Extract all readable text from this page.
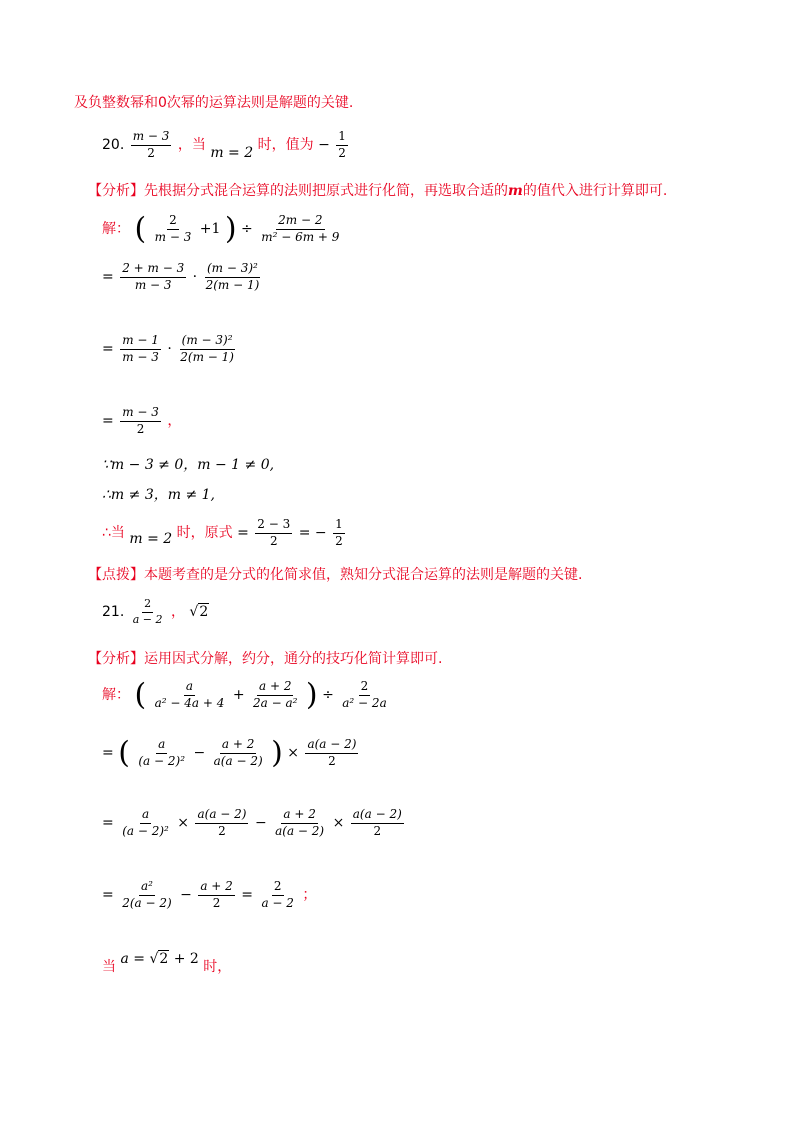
及负整数幂和0次幂的运算法则是解题的关键.
20. $\frac{m - 3}{2}$ ，当 m = 2 时，值为 − $\frac{1}{2}$
【分析】先根据分式混合运算的法则把原式进行化简，再选取合适的m的值代入进行计算即可.
解： ( $\frac{2}{m - 3} +1$ ) ÷ $\frac{2m - 2}{\text{m² − 6m + 9}}$
= $\frac{2 + m - 3}{m - 3} \cdot \frac{\text{(m − 3)²}}{2(m - 1)}$
= $\frac{m - 1}{m - 3} \cdot \frac{\text{(m − 3)²}}{2(m - 1)}$
= $\frac{m - 3}{2}$ ，
∵m − 3 ≠ 0，m − 1 ≠ 0,
∴m ≠ 3，m ≠ 1,
∴当 m = 2 时，原式 = $\frac{2 - 3}{2}$ = − $\frac{1}{2}$
【点拨】本题考查的是分式的化简求值，熟知分式混合运算的法则是解题的关键.
21. $\frac{2}{a - 2}$ ， √2
【分析】运用因式分解，约分，通分的技巧化简计算即可.
解： ( $\frac{a}{\text{a² − 4a + 4}} + \frac{a + 2}{\text{2a − a²}}$ ) ÷ $\frac{2}{\text{a² − 2a}}$
= ( $\frac{a}{\text{(a − 2)²}} - \frac{a + 2}{a(a - 2)}$ ) × $\frac{a(a - 2)}{2}$
= $\frac{a}{\text{(a − 2)²}} \times \frac{a(a - 2)}{2} - \frac{a + 2}{a(a - 2)} \times \frac{a(a - 2)}{2}$
= $\frac{\text{a²}}{2(a - 2)} - \frac{a + 2}{2} = \frac{2}{a - 2}$ ；
当 a = √2 + 2 时，
